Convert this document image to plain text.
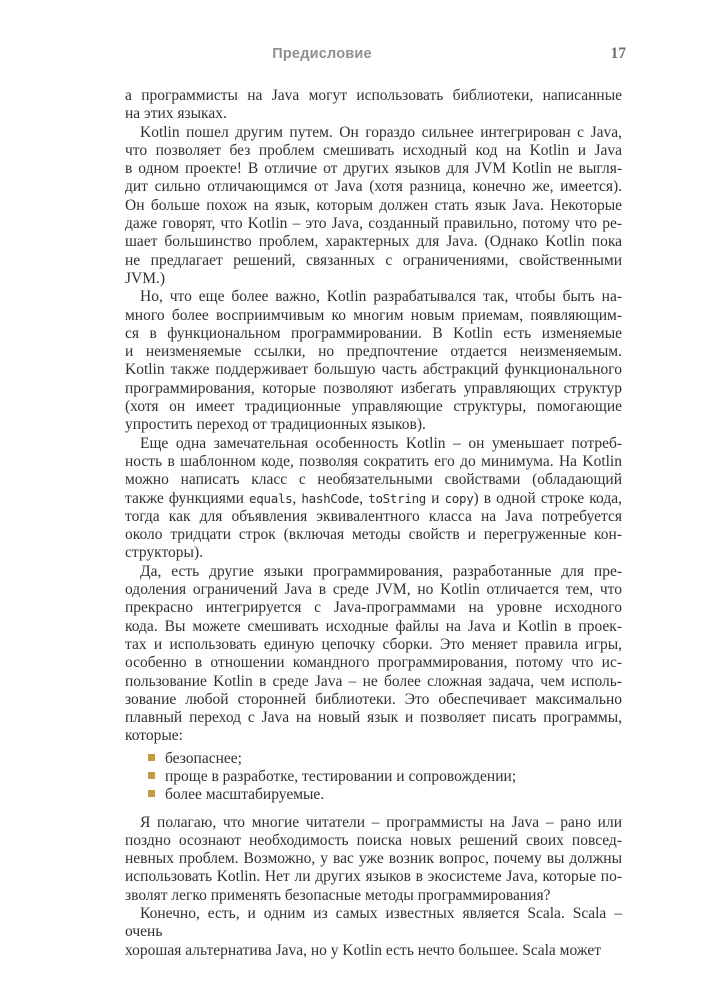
Предисловие	17
а программисты на Java могут использовать библиотеки, написанные
на этих языках.
Kotlin пошел другим путем. Он гораздо сильнее интегрирован с Java,
что позволяет без проблем смешивать исходный код на Kotlin и Java
в одном проекте! В отличие от других языков для JVM Kotlin не выгля-
дит сильно отличающимся от Java (хотя разница, конечно же, имеется).
Он больше похож на язык, которым должен стать язык Java. Некоторые
даже говорят, что Kotlin – это Java, созданный правильно, потому что ре-
шает большинство проблем, характерных для Java. (Однако Kotlin пока
не предлагает решений, связанных с ограничениями, свойственными
JVM.)
Но, что еще более важно, Kotlin разрабатывался так, чтобы быть на-
много более восприимчивым ко многим новым приемам, появляющим-
ся в функциональном программировании. В Kotlin есть изменяемые
и неизменяемые ссылки, но предпочтение отдается неизменяемым.
Kotlin также поддерживает большую часть абстракций функционального
программирования, которые позволяют избегать управляющих структур
(хотя он имеет традиционные управляющие структуры, помогающие
упростить переход от традиционных языков).
Еще одна замечательная особенность Kotlin – он уменьшает потреб-
ность в шаблонном коде, позволяя сократить его до минимума. На Kotlin
можно написать класс с необязательными свойствами (обладающий
также функциями equals, hashCode, toString и copy) в одной строке кода,
тогда как для объявления эквивалентного класса на Java потребуется
около тридцати строк (включая методы свойств и перегруженные кон-
структоры).
Да, есть другие языки программирования, разработанные для пре-
одоления ограничений Java в среде JVM, но Kotlin отличается тем, что
прекрасно интегрируется с Java-программами на уровне исходного
кода. Вы можете смешивать исходные файлы на Java и Kotlin в проек-
тах и использовать единую цепочку сборки. Это меняет правила игры,
особенно в отношении командного программирования, потому что ис-
пользование Kotlin в среде Java – не более сложная задача, чем исполь-
зование любой сторонней библиотеки. Это обеспечивает максимально
плавный переход с Java на новый язык и позволяет писать программы,
которые:
безопаснее;
проще в разработке, тестировании и сопровождении;
более масштабируемые.
Я полагаю, что многие читатели – программисты на Java – рано или
поздно осознают необходимость поиска новых решений своих повсед-
невных проблем. Возможно, у вас уже возник вопрос, почему вы должны
использовать Kotlin. Нет ли других языков в экосистеме Java, которые по-
зволят легко применять безопасные методы программирования?
Конечно, есть, и одним из самых известных является Scala. Scala – очень
хорошая альтернатива Java, но у Kotlin есть нечто большее. Scala может
